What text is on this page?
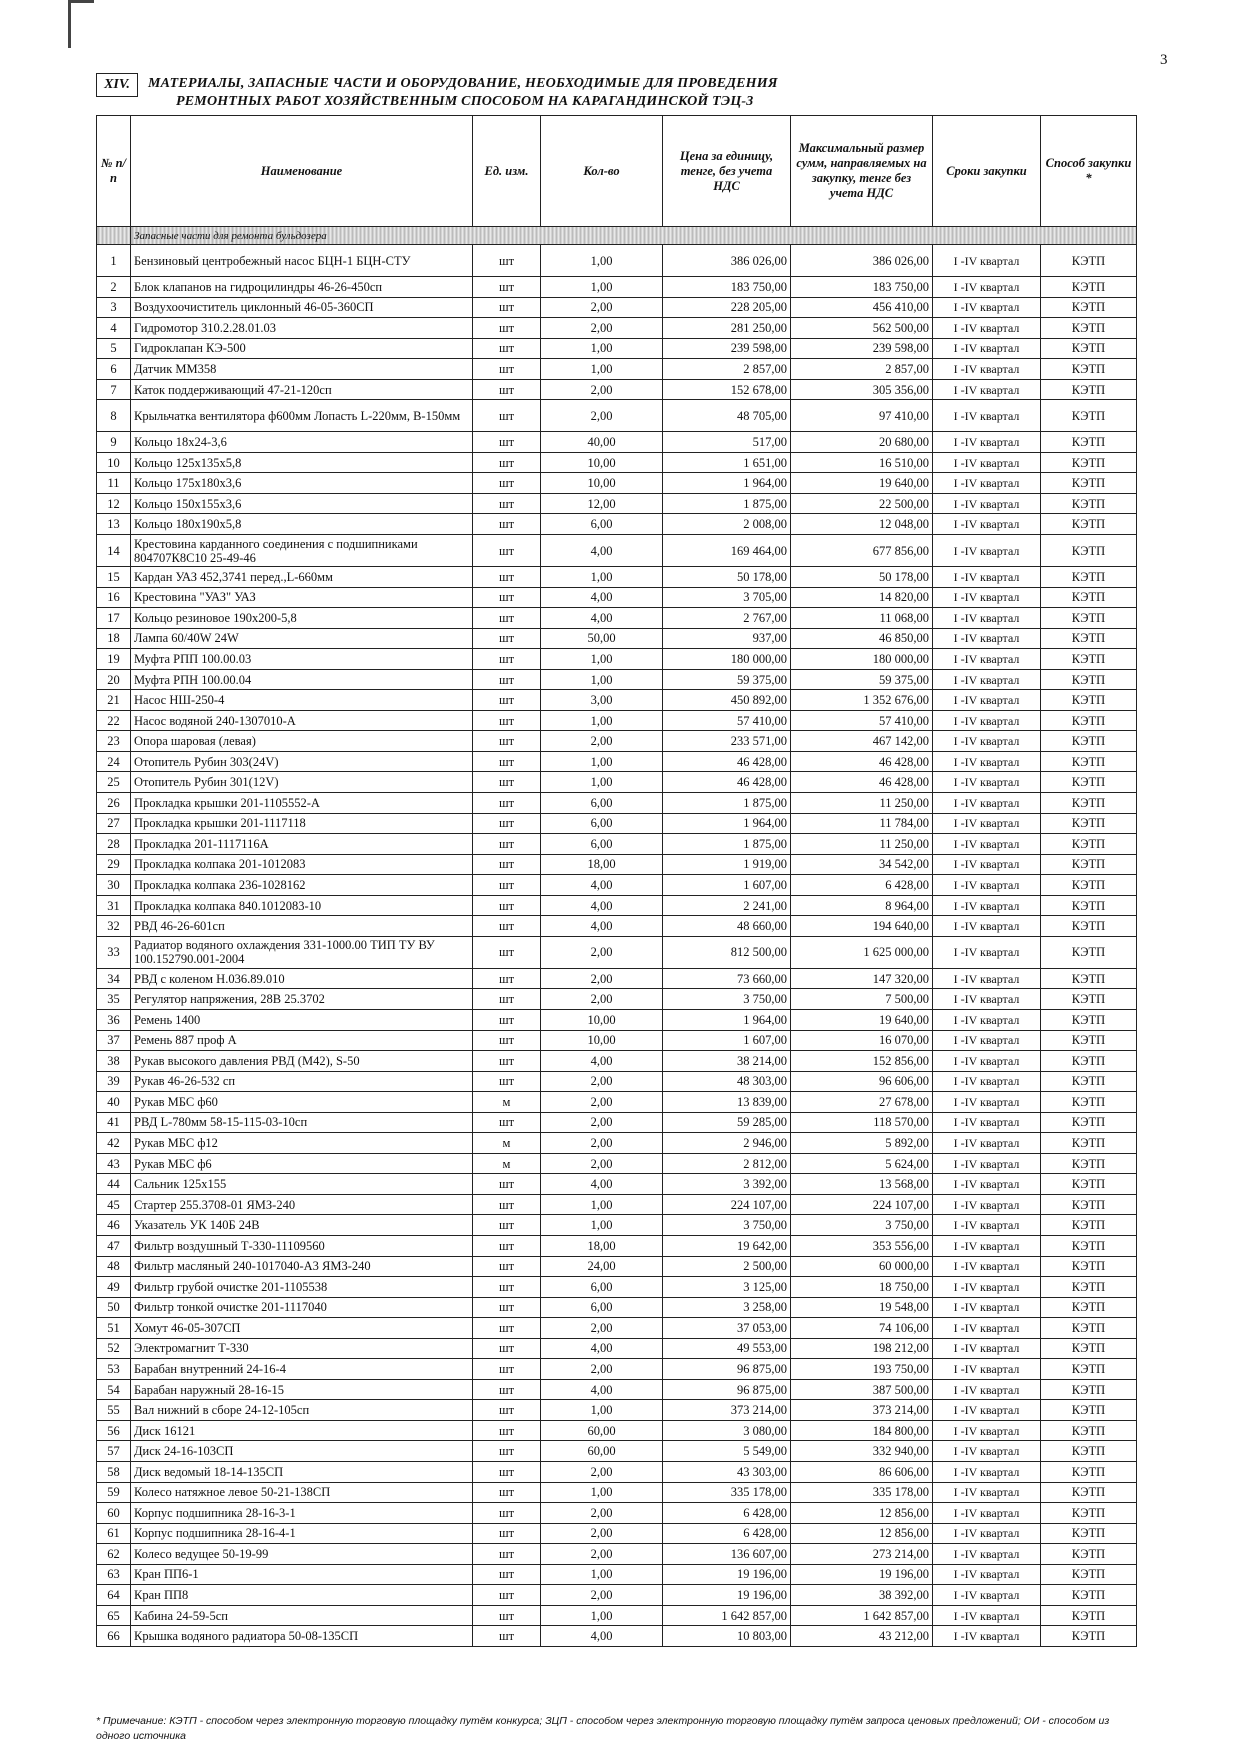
3
XIV.	МАТЕРИАЛЫ, ЗАПАСНЫЕ ЧАСТИ И ОБОРУДОВАНИЕ, НЕОБХОДИМЫЕ ДЛЯ ПРОВЕДЕНИЯ
РЕМОНТНЫХ РАБОТ ХОЗЯЙСТВЕННЫМ СПОСОБОМ НА КАРАГАНДИНСКОЙ ТЭЦ-3
№ п/п	Наименование	Ед. изм.	Кол-во	Цена за единицу, тенге, без учета НДС	Максимальный размер сумм, направляемых на закупку, тенге без учета НДС	Сроки закупки	Способ закупки *
	Запасные части для ремонта бульдозера						
1	Бензиновый центробежный насос БЦН-1 БЦН-СТУ	шт	1,00	386 026,00	386 026,00	I -IV квартал	КЭТП
2	Блок клапанов на гидроцилиндры 46-26-450сп	шт	1,00	183 750,00	183 750,00	I -IV квартал	КЭТП
3	Воздухоочиститель циклонный 46-05-360СП	шт	2,00	228 205,00	456 410,00	I -IV квартал	КЭТП
4	Гидромотор 310.2.28.01.03	шт	2,00	281 250,00	562 500,00	I -IV квартал	КЭТП
5	Гидроклапан КЭ-500	шт	1,00	239 598,00	239 598,00	I -IV квартал	КЭТП
6	Датчик ММ358	шт	1,00	2 857,00	2 857,00	I -IV квартал	КЭТП
7	Каток поддерживающий 47-21-120сп	шт	2,00	152 678,00	305 356,00	I -IV квартал	КЭТП
8	Крыльчатка вентилятора ф600мм Лопасть L-220мм, B-150мм	шт	2,00	48 705,00	97 410,00	I -IV квартал	КЭТП
9	Кольцо 18х24-3,6	шт	40,00	517,00	20 680,00	I -IV квартал	КЭТП
10	Кольцо 125х135х5,8	шт	10,00	1 651,00	16 510,00	I -IV квартал	КЭТП
11	Кольцо 175х180х3,6	шт	10,00	1 964,00	19 640,00	I -IV квартал	КЭТП
12	Кольцо 150х155х3,6	шт	12,00	1 875,00	22 500,00	I -IV квартал	КЭТП
13	Кольцо 180х190х5,8	шт	6,00	2 008,00	12 048,00	I -IV квартал	КЭТП
14	Крестовина карданного соединения с подшипниками 804707К8С10 25-49-46	шт	4,00	169 464,00	677 856,00	I -IV квартал	КЭТП
15	Кардан УАЗ 452,3741 перед.,L-660мм	шт	1,00	50 178,00	50 178,00	I -IV квартал	КЭТП
16	Крестовина "УАЗ" УАЗ	шт	4,00	3 705,00	14 820,00	I -IV квартал	КЭТП
17	Кольцо резиновое 190х200-5,8	шт	4,00	2 767,00	11 068,00	I -IV квартал	КЭТП
18	Лампа 60/40W 24W	шт	50,00	937,00	46 850,00	I -IV квартал	КЭТП
19	Муфта РПП 100.00.03	шт	1,00	180 000,00	180 000,00	I -IV квартал	КЭТП
20	Муфта РПН 100.00.04	шт	1,00	59 375,00	59 375,00	I -IV квартал	КЭТП
21	Насос НШ-250-4	шт	3,00	450 892,00	1 352 676,00	I -IV квартал	КЭТП
22	Насос водяной 240-1307010-А	шт	1,00	57 410,00	57 410,00	I -IV квартал	КЭТП
23	Опора шаровая (левая)	шт	2,00	233 571,00	467 142,00	I -IV квартал	КЭТП
24	Отопитель Рубин 303(24V)	шт	1,00	46 428,00	46 428,00	I -IV квартал	КЭТП
25	Отопитель Рубин 301(12V)	шт	1,00	46 428,00	46 428,00	I -IV квартал	КЭТП
26	Прокладка крышки 201-1105552-А	шт	6,00	1 875,00	11 250,00	I -IV квартал	КЭТП
27	Прокладка крышки 201-1117118	шт	6,00	1 964,00	11 784,00	I -IV квартал	КЭТП
28	Прокладка 201-1117116А	шт	6,00	1 875,00	11 250,00	I -IV квартал	КЭТП
29	Прокладка колпака 201-1012083	шт	18,00	1 919,00	34 542,00	I -IV квартал	КЭТП
30	Прокладка колпака 236-1028162	шт	4,00	1 607,00	6 428,00	I -IV квартал	КЭТП
31	Прокладка колпака 840.1012083-10	шт	4,00	2 241,00	8 964,00	I -IV квартал	КЭТП
32	РВД 46-26-601сп	шт	4,00	48 660,00	194 640,00	I -IV квартал	КЭТП
33	Радиатор водяного охлаждения 331-1000.00 ТИП ТУ ВУ 100.152790.001-2004	шт	2,00	812 500,00	1 625 000,00	I -IV квартал	КЭТП
34	РВД с коленом Н.036.89.010	шт	2,00	73 660,00	147 320,00	I -IV квартал	КЭТП
35	Регулятор напряжения, 28В 25.3702	шт	2,00	3 750,00	7 500,00	I -IV квартал	КЭТП
36	Ремень 1400	шт	10,00	1 964,00	19 640,00	I -IV квартал	КЭТП
37	Ремень 887 проф А	шт	10,00	1 607,00	16 070,00	I -IV квартал	КЭТП
38	Рукав высокого давления РВД (М42), S-50	шт	4,00	38 214,00	152 856,00	I -IV квартал	КЭТП
39	Рукав 46-26-532 сп	шт	2,00	48 303,00	96 606,00	I -IV квартал	КЭТП
40	Рукав МБС ф60	м	2,00	13 839,00	27 678,00	I -IV квартал	КЭТП
41	РВД L-780мм 58-15-115-03-10сп	шт	2,00	59 285,00	118 570,00	I -IV квартал	КЭТП
42	Рукав МБС ф12	м	2,00	2 946,00	5 892,00	I -IV квартал	КЭТП
43	Рукав МБС ф6	м	2,00	2 812,00	5 624,00	I -IV квартал	КЭТП
44	Сальник 125х155	шт	4,00	3 392,00	13 568,00	I -IV квартал	КЭТП
45	Стартер 255.3708-01 ЯМЗ-240	шт	1,00	224 107,00	224 107,00	I -IV квартал	КЭТП
46	Указатель УК 140Б 24В	шт	1,00	3 750,00	3 750,00	I -IV квартал	КЭТП
47	Фильтр воздушный Т-330-11109560	шт	18,00	19 642,00	353 556,00	I -IV квартал	КЭТП
48	Фильтр масляный 240-1017040-А3 ЯМЗ-240	шт	24,00	2 500,00	60 000,00	I -IV квартал	КЭТП
49	Фильтр грубой очистке 201-1105538	шт	6,00	3 125,00	18 750,00	I -IV квартал	КЭТП
50	Фильтр тонкой очистке 201-1117040	шт	6,00	3 258,00	19 548,00	I -IV квартал	КЭТП
51	Хомут 46-05-307СП	шт	2,00	37 053,00	74 106,00	I -IV квартал	КЭТП
52	Электромагнит Т-330	шт	4,00	49 553,00	198 212,00	I -IV квартал	КЭТП
53	Барабан внутренний 24-16-4	шт	2,00	96 875,00	193 750,00	I -IV квартал	КЭТП
54	Барабан наружный 28-16-15	шт	4,00	96 875,00	387 500,00	I -IV квартал	КЭТП
55	Вал нижний в сборе 24-12-105сп	шт	1,00	373 214,00	373 214,00	I -IV квартал	КЭТП
56	Диск 16121	шт	60,00	3 080,00	184 800,00	I -IV квартал	КЭТП
57	Диск 24-16-103СП	шт	60,00	5 549,00	332 940,00	I -IV квартал	КЭТП
58	Диск ведомый 18-14-135СП	шт	2,00	43 303,00	86 606,00	I -IV квартал	КЭТП
59	Колесо натяжное левое 50-21-138СП	шт	1,00	335 178,00	335 178,00	I -IV квартал	КЭТП
60	Корпус подшипника 28-16-3-1	шт	2,00	6 428,00	12 856,00	I -IV квартал	КЭТП
61	Корпус подшипника 28-16-4-1	шт	2,00	6 428,00	12 856,00	I -IV квартал	КЭТП
62	Колесо ведущее 50-19-99	шт	2,00	136 607,00	273 214,00	I -IV квартал	КЭТП
63	Кран ПП6-1	шт	1,00	19 196,00	19 196,00	I -IV квартал	КЭТП
64	Кран ПП8	шт	2,00	19 196,00	38 392,00	I -IV квартал	КЭТП
65	Кабина 24-59-5сп	шт	1,00	1 642 857,00	1 642 857,00	I -IV квартал	КЭТП
66	Крышка водяного радиатора 50-08-135СП	шт	4,00	10 803,00	43 212,00	I -IV квартал	КЭТП
* Примечание: КЭТП - способом через электронную торговую площадку путём конкурса; ЗЦП - способом через электронную торговую площадку путём запроса ценовых предложений; ОИ - способом из одного источника
